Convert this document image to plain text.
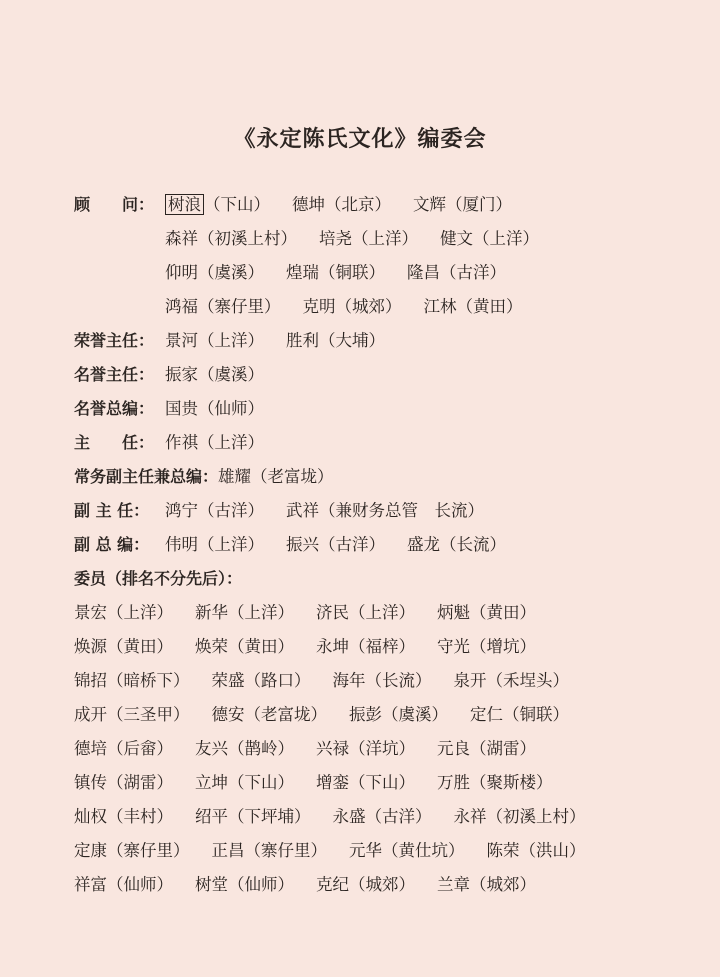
《永定陈氏文化》编委会
顾　　问： 树浪 （下山） 德坤（北京） 文辉（厦门）
森祥（初溪上村） 培尧（上洋） 健文（上洋）
仰明（虞溪） 煌瑞（铜联） 隆昌（古洋）
鸿福（寨仔里） 克明（城郊） 江林（黄田）
荣誉主任： 景河（上洋） 胜利（大埔）
名誉主任： 振家（虞溪）
名誉总编： 国贵（仙师）
主　　任： 作祺（上洋）
常务副主任兼总编： 雄耀（老富垅）
副 主 任： 鸿宁（古洋） 武祥（兼财务总管　长流）
副 总 编： 伟明（上洋） 振兴（古洋） 盛龙（长流）
委员（排名不分先后）：
景宏（上洋） 新华（上洋） 济民（上洋） 炳魁（黄田）
焕源（黄田） 焕荣（黄田） 永坤（福梓） 守光（增坑）
锦招（暗桥下） 荣盛（路口） 海年（长流） 泉开（禾埕头）
成开（三圣甲） 德安（老富垅） 振彭（虞溪） 定仁（铜联）
德培（后畲） 友兴（鹊岭） 兴禄（洋坑） 元良（湖雷）
镇传（湖雷） 立坤（下山） 增銮（下山） 万胜（聚斯楼）
灿权（丰村） 绍平（下坪埔） 永盛（古洋） 永祥（初溪上村）
定康（寨仔里） 正昌（寨仔里） 元华（黄仕坑） 陈荣（洪山）
祥富（仙师） 树堂（仙师） 克纪（城郊） 兰章（城郊）
